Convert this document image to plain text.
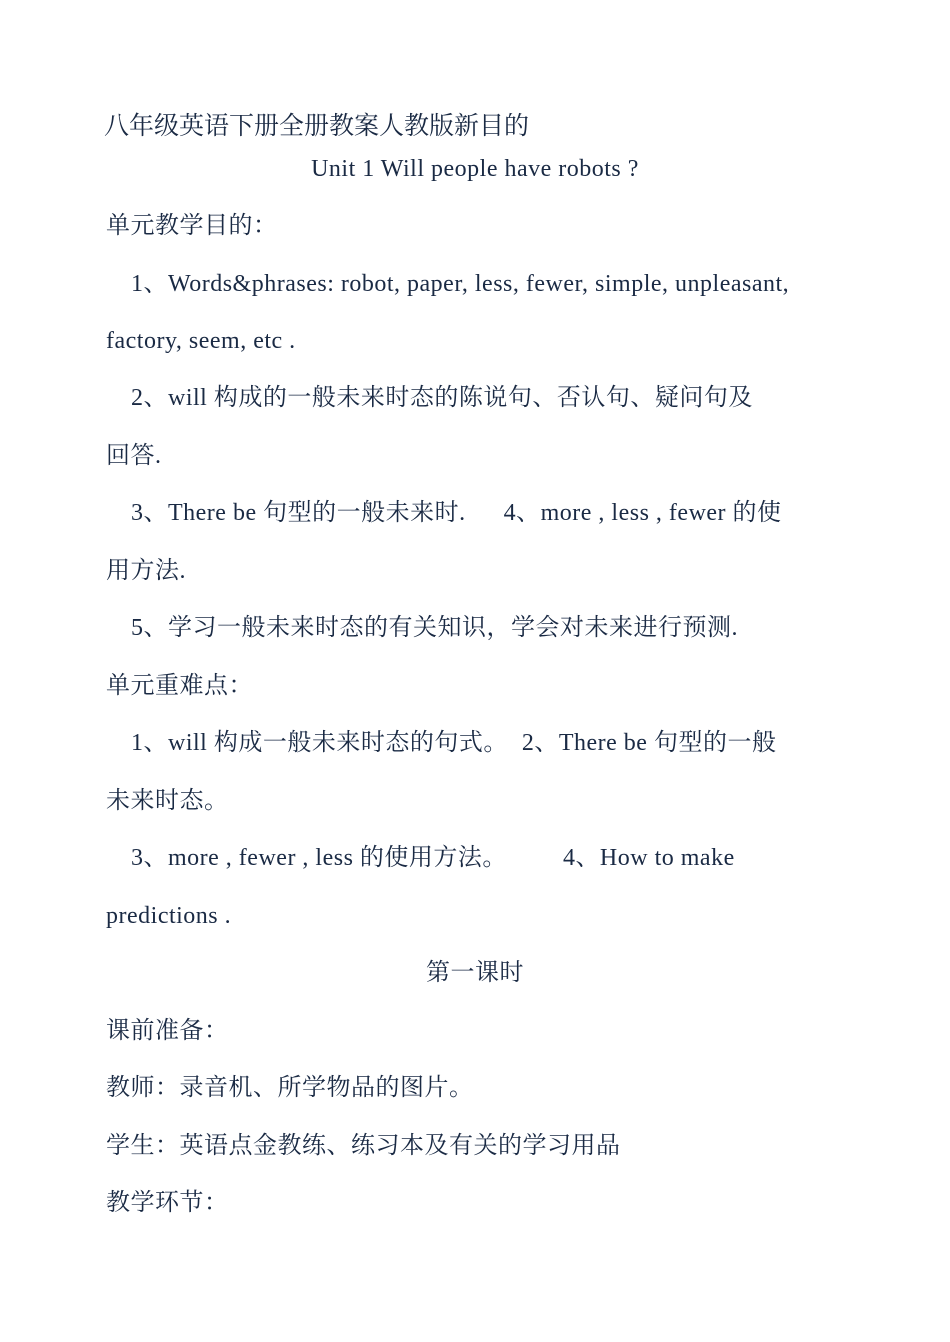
八年级英语下册全册教案人教版新目的
Unit 1 Will people have robots ?
单元教学目的：
1、Words&phrases: robot, paper, less, fewer, simple, unpleasant,
factory, seem, etc .
2、will 构成的一般未来时态的陈说句、否认句、疑问句及
回答.
3、There be 句型的一般未来时. 4、more , less , fewer 的使
用方法.
5、学习一般未来时态的有关知识，学会对未来进行预测.
单元重难点：
1、will 构成一般未来时态的句式。 2、There be 句型的一般
未来时态。
3、more , fewer , less 的使用方法。 4、How to make
predictions .
第一课时
课前准备：
教师：录音机、所学物品的图片。
学生：英语点金教练、练习本及有关的学习用品
教学环节：
